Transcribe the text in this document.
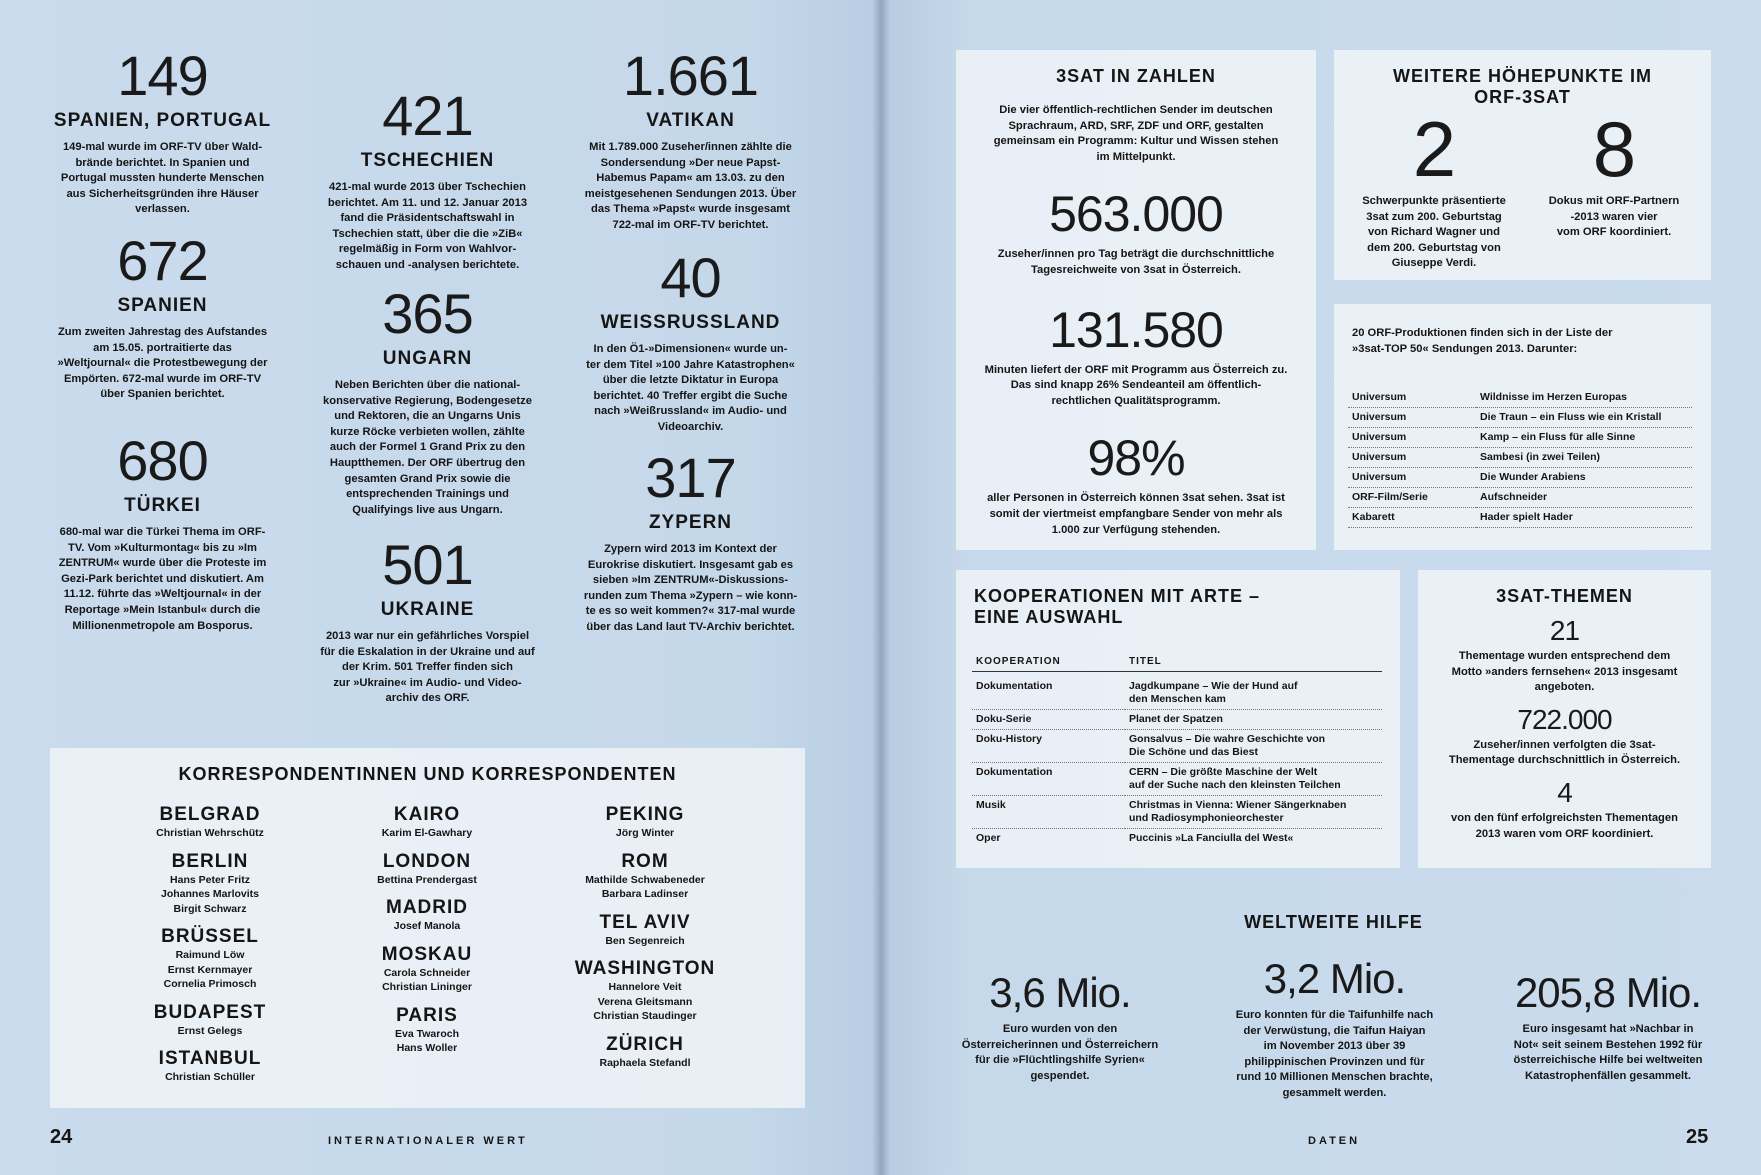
149
SPANIEN, PORTUGAL
149-mal wurde im ORF-TV über Wald-
brände berichtet. In Spanien und
Portugal mussten hunderte Menschen
aus Sicherheitsgründen ihre Häuser
verlassen.
672
SPANIEN
Zum zweiten Jahrestag des Aufstandes
am 15.05. portraitierte das
»Weltjournal« die Protestbewegung der
Empörten. 672-mal wurde im ORF-TV
über Spanien berichtet.
680
TÜRKEI
680-mal war die Türkei Thema im ORF-
TV. Vom »Kulturmontag« bis zu »Im
ZENTRUM« wurde über die Proteste im
Gezi-Park berichtet und diskutiert. Am
11.12. führte das »Weltjournal« in der
Reportage »Mein Istanbul« durch die
Millionenmetropole am Bosporus.
421
TSCHECHIEN
421-mal wurde 2013 über Tschechien
berichtet. Am 11. und 12. Januar 2013
fand die Präsidentschaftswahl in
Tschechien statt, über die die »ZiB«
regelmäßig in Form von Wahlvor-
schauen und -analysen berichtete.
365
UNGARN
Neben Berichten über die national-
konservative Regierung, Bodengesetze
und Rektoren, die an Ungarns Unis
kurze Röcke verbieten wollen, zählte
auch der Formel 1 Grand Prix zu den
Hauptthemen. Der ORF übertrug den
gesamten Grand Prix sowie die
entsprechenden Trainings und
Qualifyings live aus Ungarn.
501
UKRAINE
2013 war nur ein gefährliches Vorspiel
für die Eskalation in der Ukraine und auf
der Krim. 501 Treffer finden sich
zur »Ukraine« im Audio- und Video-
archiv des ORF.
1.661
VATIKAN
Mit 1.789.000 Zuseher/innen zählte die
Sondersendung »Der neue Papst-
Habemus Papam« am 13.03. zu den
meistgesehenen Sendungen 2013. Über
das Thema »Papst« wurde insgesamt
722-mal im ORF-TV berichtet.
40
WEISSRUSSLAND
In den Ö1-»Dimensionen« wurde un-
ter dem Titel »100 Jahre Katastrophen«
über die letzte Diktatur in Europa
berichtet. 40 Treffer ergibt die Suche
nach »Weißrussland« im Audio- und
Videoarchiv.
317
ZYPERN
Zypern wird 2013 im Kontext der
Eurokrise diskutiert. Insgesamt gab es
sieben »Im ZENTRUM«-Diskussions-
runden zum Thema »Zypern – wie konn-
te es so weit kommen?« 317-mal wurde
über das Land laut TV-Archiv berichtet.
KORRESPONDENTINNEN UND KORRESPONDENTEN
BELGRAD
Christian Wehrschütz
BERLIN
Hans Peter Fritz
Johannes Marlovits
Birgit Schwarz
BRÜSSEL
Raimund Löw
Ernst Kernmayer
Cornelia Primosch
BUDAPEST
Ernst Gelegs
ISTANBUL
Christian Schüller
KAIRO
Karim El-Gawhary
LONDON
Bettina Prendergast
MADRID
Josef Manola
MOSKAU
Carola Schneider
Christian Lininger
PARIS
Eva Twaroch
Hans Woller
PEKING
Jörg Winter
ROM
Mathilde Schwabeneder
Barbara Ladinser
TEL AVIV
Ben Segenreich
WASHINGTON
Hannelore Veit
Verena Gleitsmann
Christian Staudinger
ZÜRICH
Raphaela Stefandl
24	INTERNATIONALER WERT
3SAT IN ZAHLEN
Die vier öffentlich-rechtlichen Sender im deutschen
Sprachraum, ARD, SRF, ZDF und ORF, gestalten
gemeinsam ein Programm: Kultur und Wissen stehen
im Mittelpunkt.
563.000
Zuseher/innen pro Tag beträgt die durchschnittliche
Tagesreichweite von 3sat in Österreich.
131.580
Minuten liefert der ORF mit Programm aus Österreich zu.
Das sind knapp 26% Sendeanteil am öffentlich-
rechtlichen Qualitätsprogramm.
98%
aller Personen in Österreich können 3sat sehen. 3sat ist
somit der viertmeist empfangbare Sender von mehr als
1.000 zur Verfügung stehenden.
WEITERE HÖHEPUNKTE IM
ORF-3SAT
2
Schwerpunkte präsentierte
3sat zum 200. Geburtstag
von Richard Wagner und
dem 200. Geburtstag von
Giuseppe Verdi.
8
Dokus mit ORF-Partnern
-2013 waren vier
vom ORF koordiniert.
20 ORF-Produktionen finden sich in der Liste der
»3sat-TOP 50« Sendungen 2013. Darunter:
Universum	Wildnisse im Herzen Europas
Universum	Die Traun – ein Fluss wie ein Kristall
Universum	Kamp – ein Fluss für alle Sinne
Universum	Sambesi (in zwei Teilen)
Universum	Die Wunder Arabiens
ORF-Film/Serie	Aufschneider
Kabarett	Hader spielt Hader
KOOPERATIONEN MIT ARTE –
EINE AUSWAHL
KOOPERATION	TITEL
Dokumentation	Jagdkumpane – Wie der Hund auf
den Menschen kam
Doku-Serie	Planet der Spatzen
Doku-History	Gonsalvus – Die wahre Geschichte von
Die Schöne und das Biest
Dokumentation	CERN – Die größte Maschine der Welt
auf der Suche nach den kleinsten Teilchen
Musik	Christmas in Vienna: Wiener Sängerknaben
und Radiosymphonieorchester
Oper	Puccinis »La Fanciulla del West«
3SAT-THEMEN
21
Thementage wurden entsprechend dem
Motto »anders fernsehen« 2013 insgesamt
angeboten.
722.000
Zuseher/innen verfolgten die 3sat-
Thementage durchschnittlich in Österreich.
4
von den fünf erfolgreichsten Thementagen
2013 waren vom ORF koordiniert.
WELTWEITE HILFE
3,6 Mio.
Euro wurden von den
Österreicherinnen und Österreichern
für die »Flüchtlingshilfe Syrien«
gespendet.
3,2 Mio.
Euro konnten für die Taifunhilfe nach
der Verwüstung, die Taifun Haiyan
im November 2013 über 39
philippinischen Provinzen und für
rund 10 Millionen Menschen brachte,
gesammelt werden.
205,8 Mio.
Euro insgesamt hat »Nachbar in
Not« seit seinem Bestehen 1992 für
österreichische Hilfe bei weltweiten
Katastrophenfällen gesammelt.
DATEN	25
